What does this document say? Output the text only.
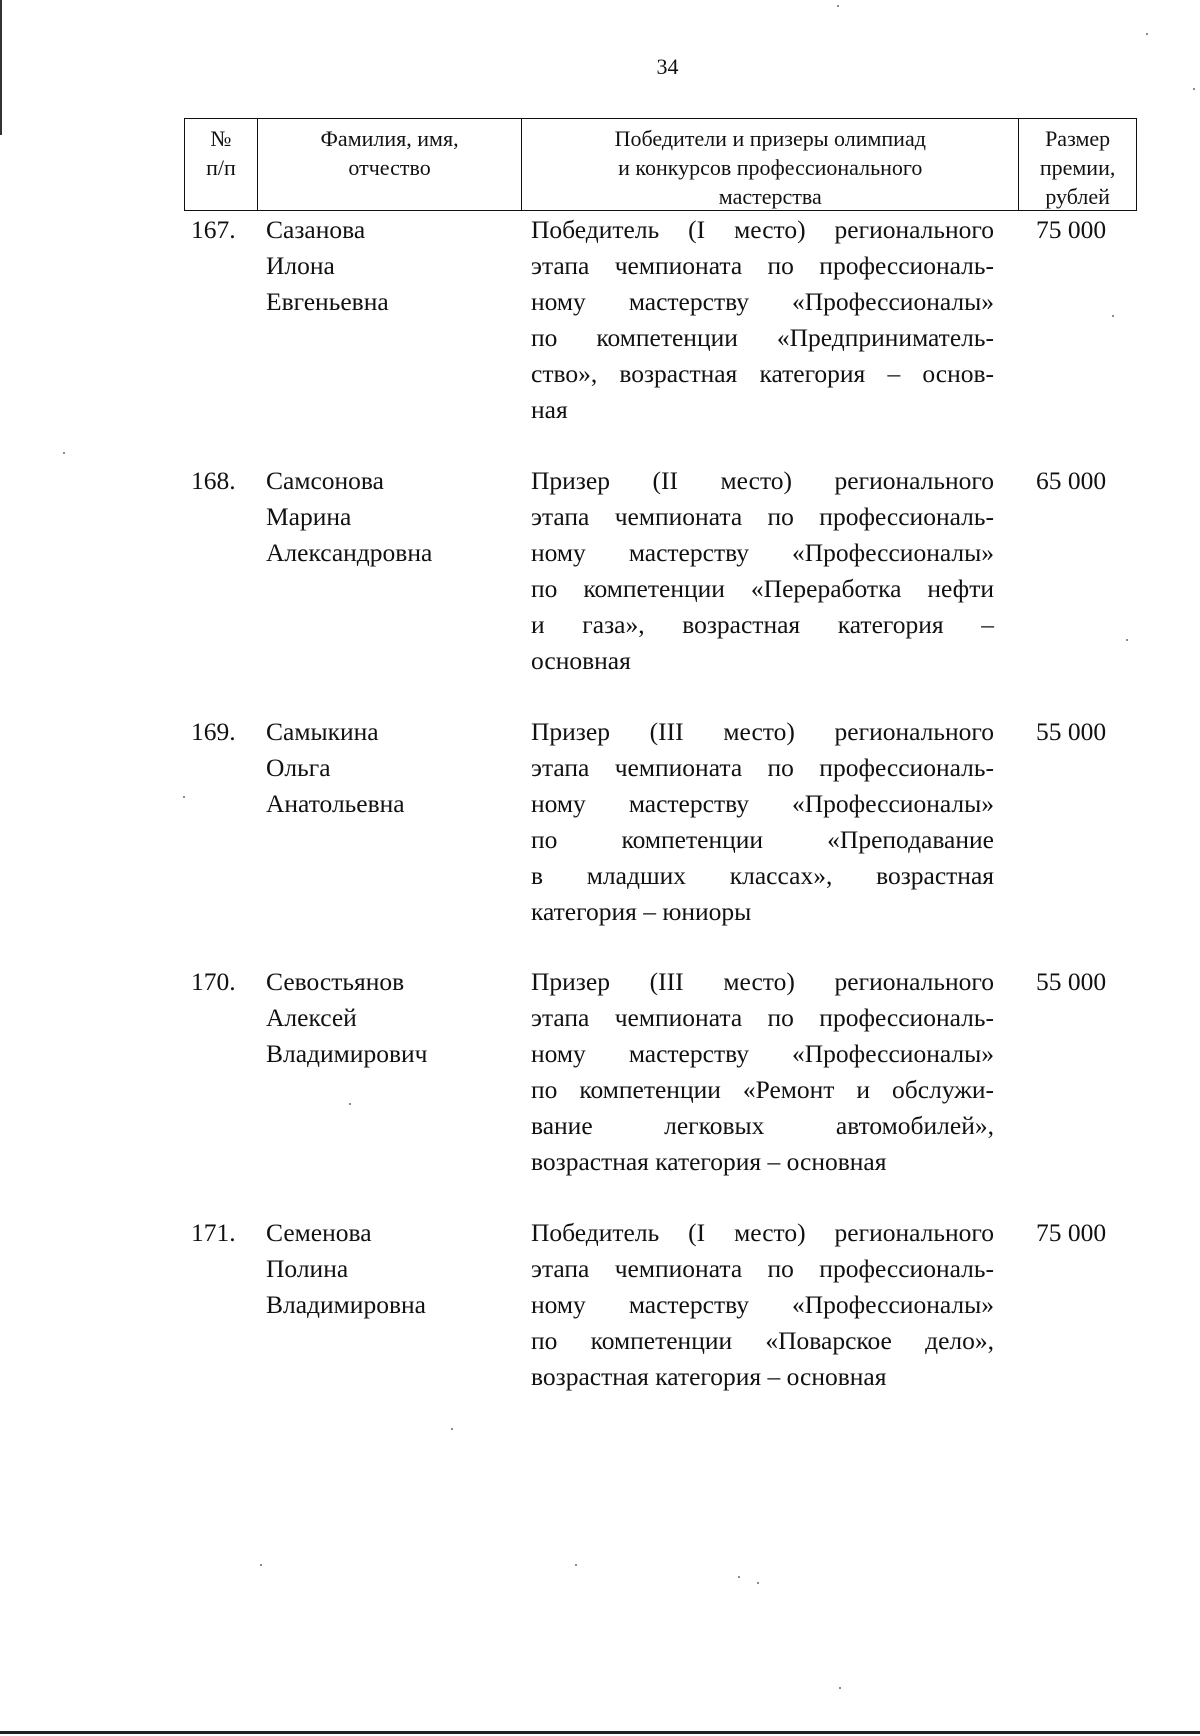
34
№
п/п
Фамилия, имя,
отчество
Победители и призеры олимпиад
и конкурсов профессионального
мастерства
Размер
премии,
рублей
167. Сазанова
Илона
Евгеньевна
Победитель (I место) регионального
этапа чемпионата по профессиональ-
ному мастерству «Профессионалы»
по компетенции «Предприниматель-
ство», возрастная категория – основ-
ная
75 000
168. Самсонова
Марина
Александровна
Призер (II место) регионального
этапа чемпионата по профессиональ-
ному мастерству «Профессионалы»
по компетенции «Переработка нефти
и газа», возрастная категория –
основная
65 000
169. Самыкина
Ольга
Анатольевна
Призер (III место) регионального
этапа чемпионата по профессиональ-
ному мастерству «Профессионалы»
по компетенции «Преподавание
в младших классах», возрастная
категория – юниоры
55 000
170. Севостьянов
Алексей
Владимирович
Призер (III место) регионального
этапа чемпионата по профессиональ-
ному мастерству «Профессионалы»
по компетенции «Ремонт и обслужи-
вание легковых автомобилей»,
возрастная категория – основная
55 000
171. Семенова
Полина
Владимировна
Победитель (I место) регионального
этапа чемпионата по профессиональ-
ному мастерству «Профессионалы»
по компетенции «Поварское дело»,
возрастная категория – основная
75 000
